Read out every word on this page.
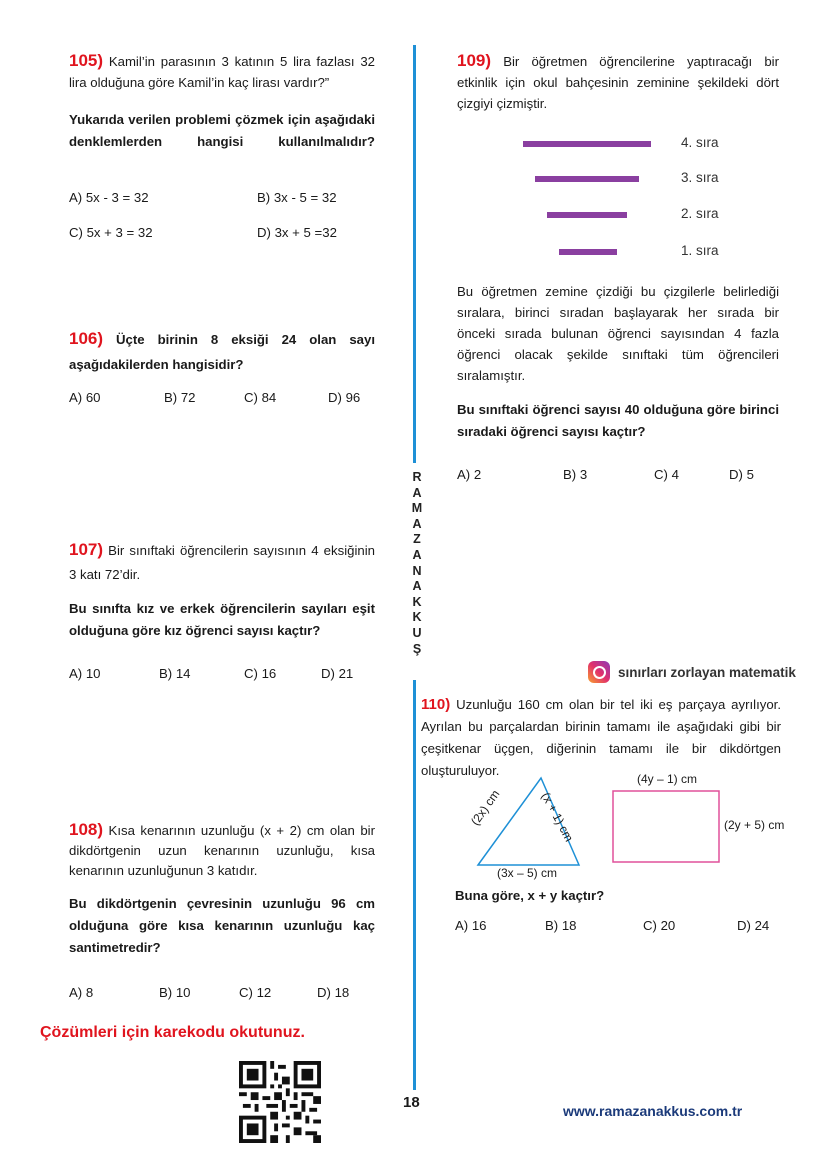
105) Kamil’in parasının 3 katının 5 lira fazlası 32 lira olduğuna göre Kamil’in kaç lirası vardır?”
Yukarıda verilen problemi çözmek için aşağıdaki denklemlerden hangisi kullanılmalıdır?
A) 5x - 3 = 32	B) 3x - 5 = 32
C) 5x + 3 = 32	D) 3x + 5 =32
106) Üçte birinin 8 eksiği 24 olan sayı aşağıdakilerden hangisidir?
A) 60	B) 72	C) 84	D) 96
107) Bir sınıftaki öğrencilerin sayısının 4 eksiğinin 3 katı 72’dir.
Bu sınıfta kız ve erkek öğrencilerin sayıları eşit olduğuna göre kız öğrenci sayısı kaçtır?
A) 10	B) 14	C) 16	D) 21
108) Kısa kenarının uzunluğu (x + 2) cm olan bir dikdörtgenin uzun kenarının uzunluğu, kısa kenarının uzunluğunun 3 katıdır.
Bu dikdörtgenin çevresinin uzunluğu 96 cm olduğuna göre kısa kenarının uzunluğu kaç santimetredir?
A) 8	B) 10	C) 12	D) 18
Çözümleri için karekodu okutunuz.
R
A
M
A
Z
A
N
A
K
K
U
Ş
18
109) Bir öğretmen öğrencilerine yaptıracağı bir etkinlik için okul bahçesinin zeminine şekildeki dört çizgiyi çizmiştir.
4. sıra
3. sıra
2. sıra
1. sıra
Bu öğretmen zemine çizdiği bu çizgilerle belirlediği sıralara, birinci sıradan başlayarak her sırada bir önceki sırada bulunan öğrenci sayısından 4 fazla öğrenci olacak şekilde sınıftaki tüm öğrencileri sıralamıştır.
Bu sınıftaki öğrenci sayısı 40 olduğuna göre birinci sıradaki öğrenci sayısı kaçtır?
A) 2	B) 3	C) 4	D) 5
sınırları zorlayan matematik
110) Uzunluğu 160 cm olan bir tel iki eş parçaya ayrılıyor. Ayrılan bu parçalardan birinin tamamı ile aşağıdaki gibi bir çeşitkenar üçgen, diğerinin tamamı ile bir dikdörtgen oluşturuluyor.
(2x) cm	(x + 1) cm
(3x – 5) cm
(4y – 1) cm
(2y + 5) cm
Buna göre, x + y kaçtır?
A) 16	B) 18	C) 20	D) 24
www.ramazanakkus.com.tr
